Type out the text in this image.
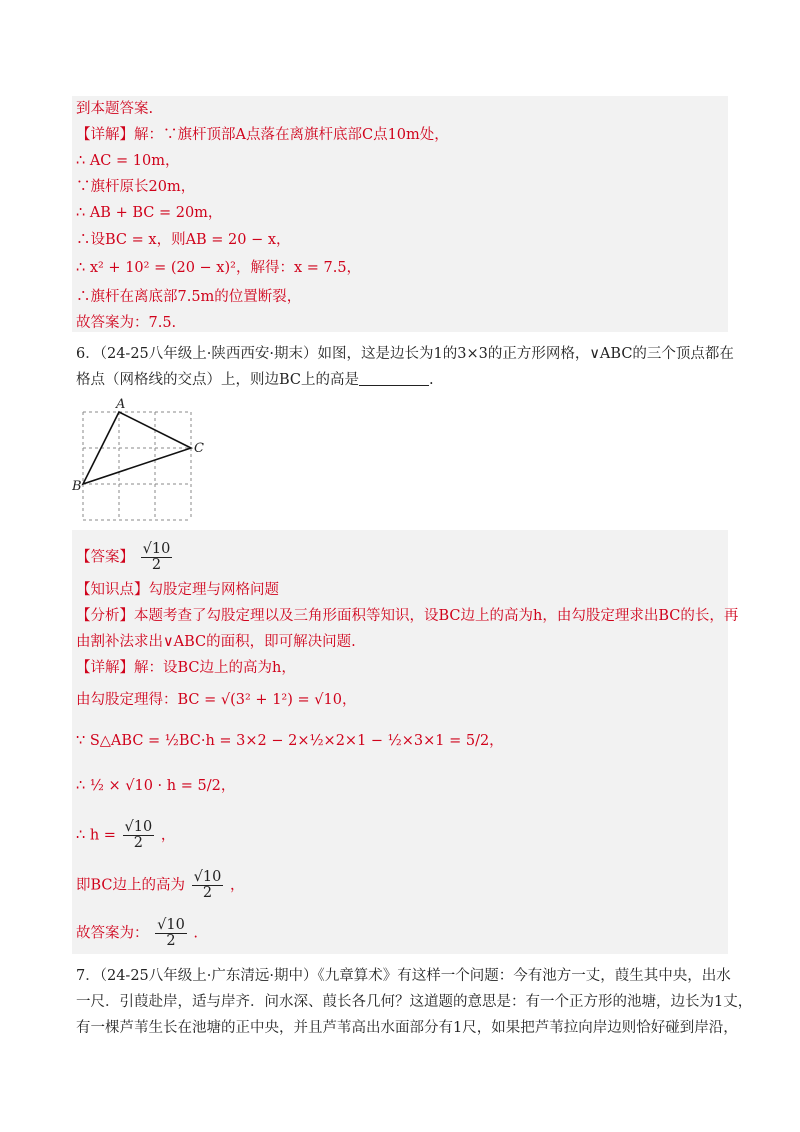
到本题答案.
【详解】解：∵旗杆顶部A点落在离旗杆底部C点10m处，
∴ AC = 10m，
∵旗杆原长20m，
∴ AB + BC = 20m，
∴设BC = x，则AB = 20 − x，
∴ x² + 10² = (20 − x)²，解得：x = 7.5，
∴旗杆在离底部7.5m的位置断裂，
故答案为：7.5.
6．（24-25八年级上·陕西西安·期末）如图，这是边长为1的3×3的正方形网格，∨ABC的三个顶点都在
格点（网格线的交点）上，则边BC上的高是	.
A
C
B
【答案】 $\frac{√10}{2}$
【知识点】勾股定理与网格问题
【分析】本题考查了勾股定理以及三角形面积等知识，设BC边上的高为h，由勾股定理求出BC的长，再
由割补法求出∨ABC的面积，即可解决问题.
【详解】解：设BC边上的高为h，
由勾股定理得：BC = √(3² + 1²) = √10，
∵ S△ABC = ½BC·h = 3×2 − 2×½×2×1 − ½×3×1 = 5/2，
∴ ½ × √10 · h = 5/2，
∴ $h = \frac{√10}{2}$ ，
即BC边上的高为 $\frac{√10}{2}$ ，
故答案为： $\frac{√10}{2}$ .
7．（24-25八年级上·广东清远·期中）《九章算术》有这样一个问题：今有池方一丈，葭生其中央，出水
一尺．引葭赴岸，适与岸齐．问水深、葭长各几何？这道题的意思是：有一个正方形的池塘，边长为1丈，
有一棵芦苇生长在池塘的正中央，并且芦苇高出水面部分有1尺，如果把芦苇拉向岸边则恰好碰到岸沿，
